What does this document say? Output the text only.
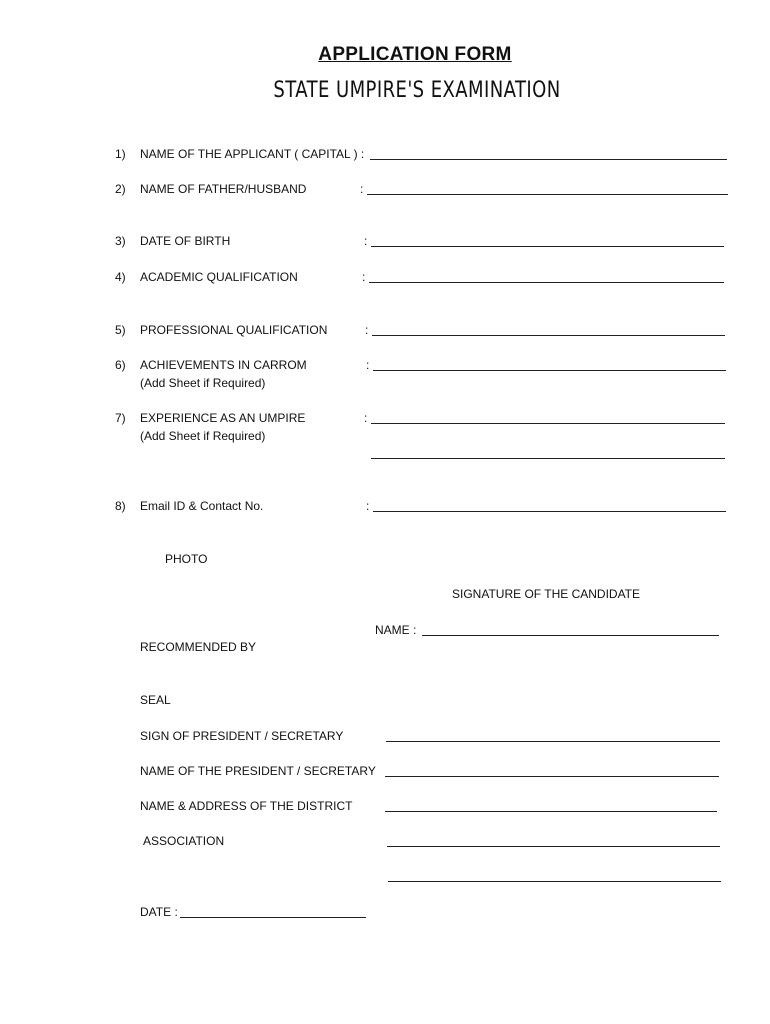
APPLICATION FORM
STATE UMPIRE'S EXAMINATION
1) NAME OF THE APPLICANT ( CAPITAL ) :
2) NAME OF FATHER/HUSBAND	:
3) DATE OF BIRTH	:
4) ACADEMIC QUALIFICATION	:
5) PROFESSIONAL QUALIFICATION	:
6) ACHIEVEMENTS IN CARROM
(Add Sheet if Required)
:
7) EXPERIENCE AS AN UMPIRE
(Add Sheet if Required)
:
8) Email ID & Contact No.	:
PHOTO
SIGNATURE OF THE CANDIDATE
NAME :
RECOMMENDED BY
SEAL
SIGN OF PRESIDENT / SECRETARY
NAME OF THE PRESIDENT / SECRETARY
NAME & ADDRESS OF THE DISTRICT
ASSOCIATION
DATE :
